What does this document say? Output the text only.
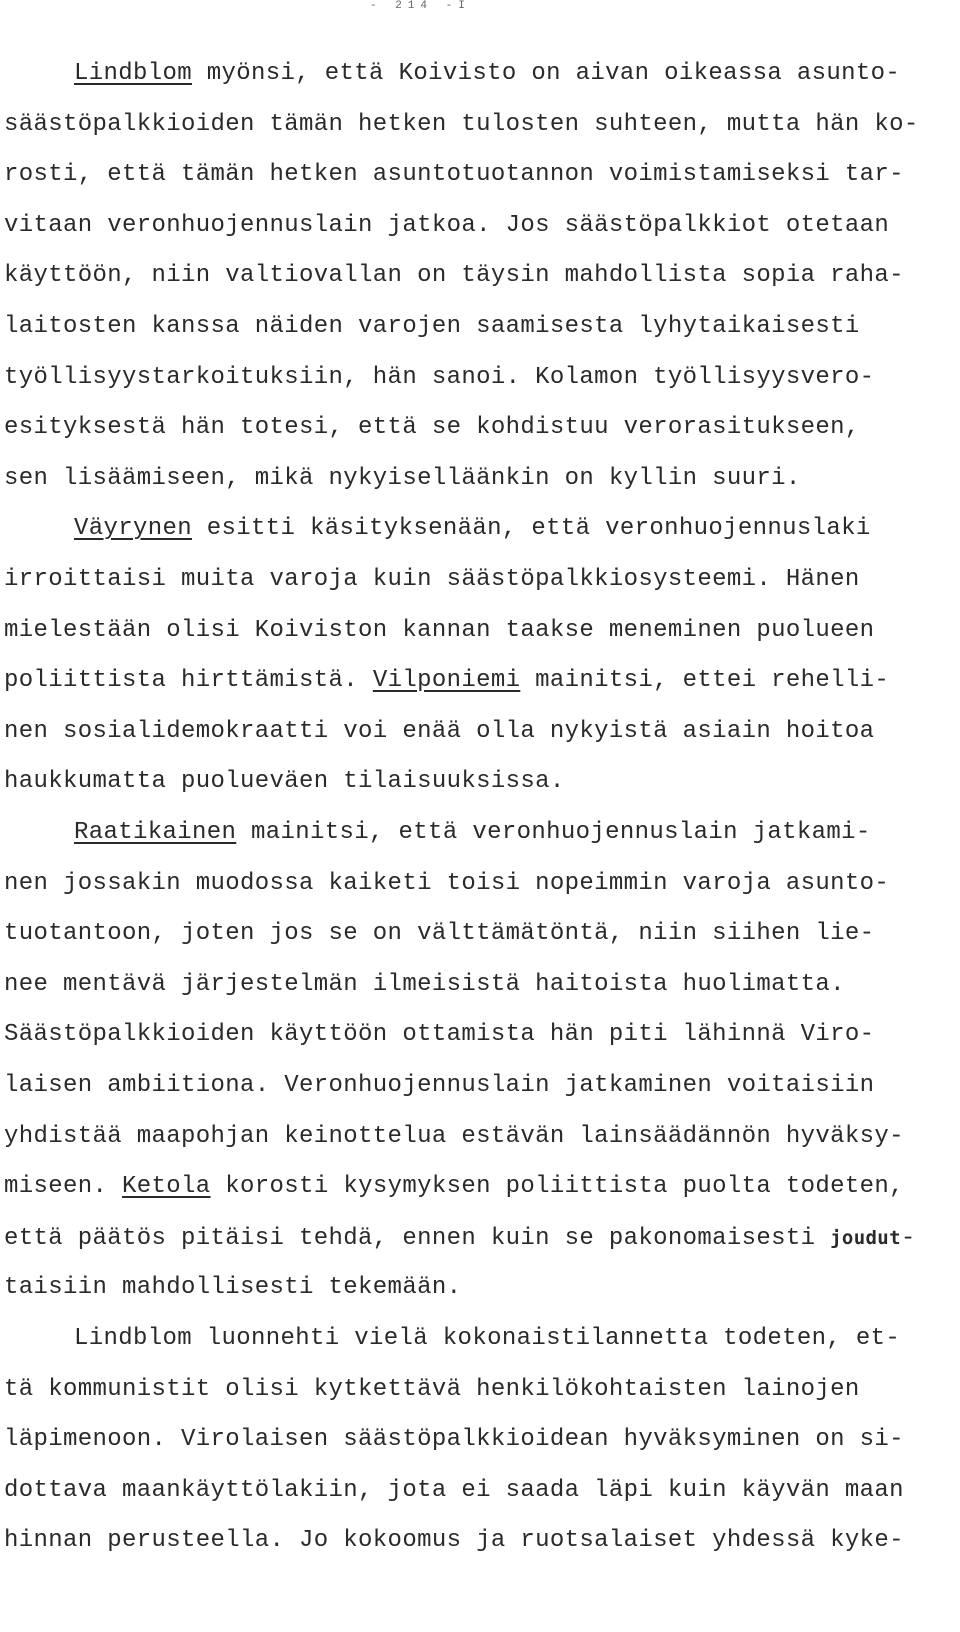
- 214 -I
Lindblom myönsi, että Koivisto on aivan oikeassa asunto-
säästöpalkkioiden tämän hetken tulosten suhteen, mutta hän ko-
rosti, että tämän hetken asuntotuotannon voimistamiseksi tar-
vitaan veronhuojennuslain jatkoa. Jos säästöpalkkiot otetaan
käyttöön, niin valtiovallan on täysin mahdollista sopia raha-
laitosten kanssa näiden varojen saamisesta lyhytaikaisesti
työllisyystarkoituksiin, hän sanoi. Kolamon työllisyysvero-
esityksestä hän totesi, että se kohdistuu verorasitukseen,
sen lisäämiseen, mikä nykyiselläänkin on kyllin suuri.
Väyrynen esitti käsityksenään, että veronhuojennuslaki
irroittaisi muita varoja kuin säästöpalkkiosysteemi. Hänen
mielestään olisi Koiviston kannan taakse meneminen puolueen
poliittista hirttämistä. Vilponiemi mainitsi, ettei rehelli-
nen sosialidemokraatti voi enää olla nykyistä asiain hoitoa
haukkumatta puolueväen tilaisuuksissa.
Raatikainen mainitsi, että veronhuojennuslain jatkami-
nen jossakin muodossa kaiketi toisi nopeimmin varoja asunto-
tuotantoon, joten jos se on välttämätöntä, niin siihen lie-
nee mentävä järjestelmän ilmeisistä haitoista huolimatta.
Säästöpalkkioiden käyttöön ottamista hän piti lähinnä Viro-
laisen ambiitiona. Veronhuojennuslain jatkaminen voitaisiin
yhdistää maapohjan keinottelua estävän lainsäädännön hyväksy-
miseen. Ketola korosti kysymyksen poliittista puolta todeten,
että päätös pitäisi tehdä, ennen kuin se pakonomaisesti joudut-
taisiin mahdollisesti tekemään.
Lindblom luonnehti vielä kokonaistilannetta todeten, et-
tä kommunistit olisi kytkettävä henkilökohtaisten lainojen
läpimenoon. Virolaisen säästöpalkkioidean hyväksyminen on si-
dottava maankäyttölakiin, jota ei saada läpi kuin käyvän maan
hinnan perusteella. Jo kokoomus ja ruotsalaiset yhdessä kyke-
